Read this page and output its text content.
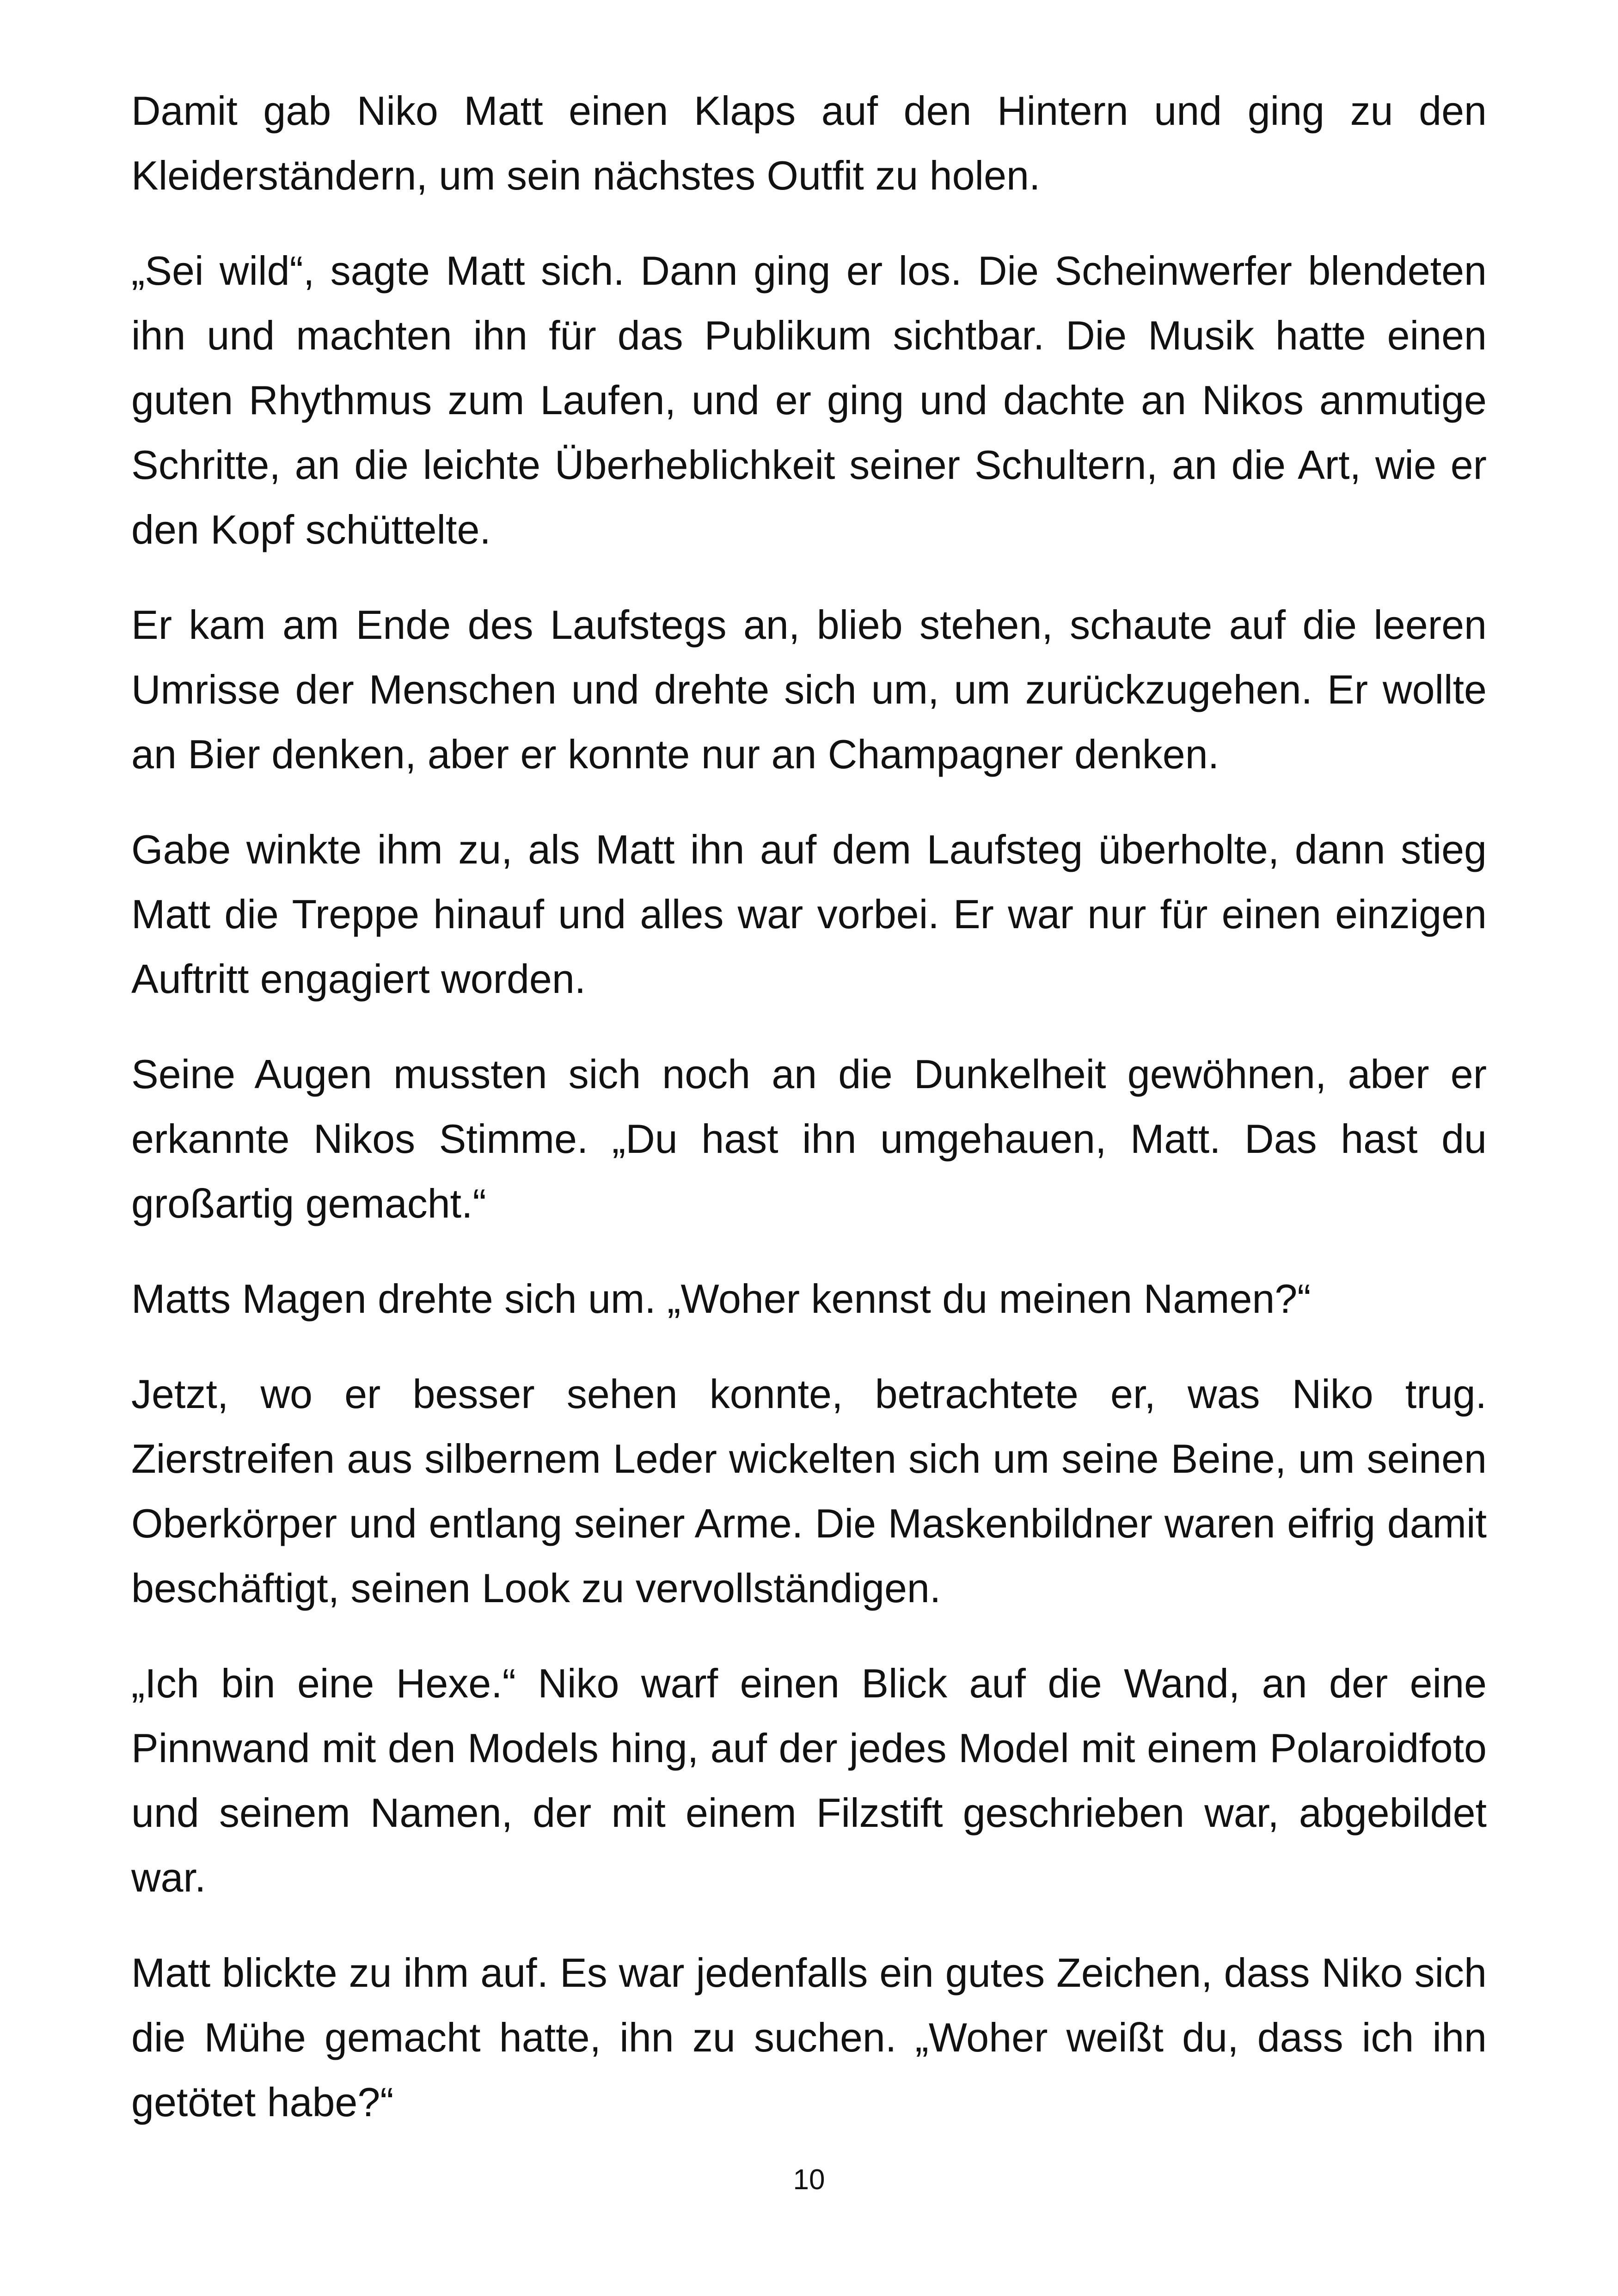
Damit gab Niko Matt einen Klaps auf den Hintern und ging zu den Kleiderständern, um sein nächstes Outfit zu holen.

„Sei wild“, sagte Matt sich. Dann ging er los. Die Scheinwerfer blendeten ihn und machten ihn für das Publikum sichtbar. Die Musik hatte einen guten Rhythmus zum Laufen, und er ging und dachte an Nikos anmutige Schritte, an die leichte Überheblichkeit seiner Schultern, an die Art, wie er den Kopf schüttelte.

Er kam am Ende des Laufstegs an, blieb stehen, schaute auf die leeren Umrisse der Menschen und drehte sich um, um zurückzugehen. Er wollte an Bier denken, aber er konnte nur an Champagner denken.

Gabe winkte ihm zu, als Matt ihn auf dem Laufsteg überholte, dann stieg Matt die Treppe hinauf und alles war vorbei. Er war nur für einen einzigen Auftritt engagiert worden.

Seine Augen mussten sich noch an die Dunkelheit gewöhnen, aber er erkannte Nikos Stimme. „Du hast ihn umgehauen, Matt. Das hast du großartig gemacht.“

Matts Magen drehte sich um. „Woher kennst du meinen Namen?“

Jetzt, wo er besser sehen konnte, betrachtete er, was Niko trug. Zierstreifen aus silbernem Leder wickelten sich um seine Beine, um seinen Oberkörper und entlang seiner Arme. Die Maskenbildner waren eifrig damit beschäftigt, seinen Look zu vervollständigen.

„Ich bin eine Hexe.“ Niko warf einen Blick auf die Wand, an der eine Pinnwand mit den Models hing, auf der jedes Model mit einem Polaroidfoto und seinem Namen, der mit einem Filzstift geschrieben war, abgebildet war.

Matt blickte zu ihm auf. Es war jedenfalls ein gutes Zeichen, dass Niko sich die Mühe gemacht hatte, ihn zu suchen. „Woher weißt du, dass ich ihn getötet habe?“

10
